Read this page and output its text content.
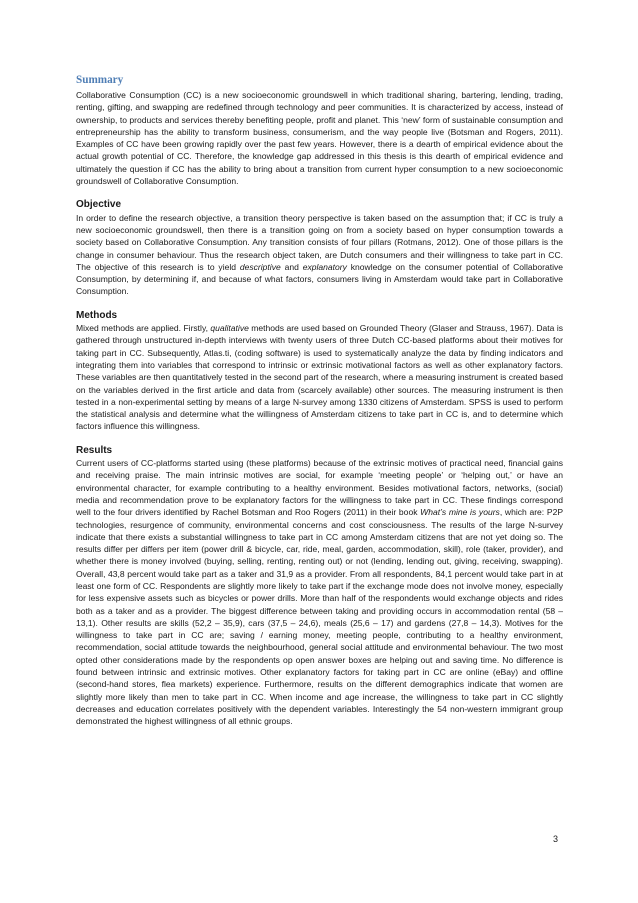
Summary

Collaborative Consumption (CC) is a new socioeconomic groundswell in which traditional sharing, bartering, lending, trading, renting, gifting, and swapping are redefined through technology and peer communities. It is characterized by access, instead of ownership, to products and services thereby benefiting people, profit and planet. This ‘new’ form of sustainable consumption and entrepreneurship has the ability to transform business, consumerism, and the way people live (Botsman and Rogers, 2011). Examples of CC have been growing rapidly over the past few years. However, there is a dearth of empirical evidence about the actual growth potential of CC. Therefore, the knowledge gap addressed in this thesis is this dearth of empirical evidence and ultimately the question if CC has the ability to bring about a transition from current hyper consumption to a new socioeconomic groundswell of Collaborative Consumption.

Objective

In order to define the research objective, a transition theory perspective is taken based on the assumption that; if CC is truly a new socioeconomic groundswell, then there is a transition going on from a society based on hyper consumption towards a society based on Collaborative Consumption. Any transition consists of four pillars (Rotmans, 2012). One of those pillars is the change in consumer behaviour. Thus the research object taken, are Dutch consumers and their willingness to take part in CC. The objective of this research is to yield descriptive and explanatory knowledge on the consumer potential of Collaborative Consumption, by determining if, and because of what factors, consumers living in Amsterdam would take part in Collaborative Consumption.

Methods

Mixed methods are applied. Firstly, qualitative methods are used based on Grounded Theory (Glaser and Strauss, 1967). Data is gathered through unstructured in-depth interviews with twenty users of three Dutch CC-based platforms about their motives for taking part in CC. Subsequently, Atlas.ti, (coding software) is used to systematically analyze the data by finding indicators and integrating them into variables that correspond to intrinsic or extrinsic motivational factors as well as other explanatory factors. These variables are then quantitatively tested in the second part of the research, where a measuring instrument is created based on the variables derived in the first article and data from (scarcely available) other sources. The measuring instrument is then tested in a non-experimental setting by means of a large N-survey among 1330 citizens of Amsterdam. SPSS is used to perform the statistical analysis and determine what the willingness of Amsterdam citizens to take part in CC is, and to determine which factors influence this willingness.

Results

Current users of CC-platforms started using (these platforms) because of the extrinsic motives of practical need, financial gains and receiving praise. The main intrinsic motives are social, for example ‘meeting people’ or ‘helping out,’ or have an environmental character, for example contributing to a healthy environment. Besides motivational factors, networks, (social) media and recommendation prove to be explanatory factors for the willingness to take part in CC. These findings correspond well to the four drivers identified by Rachel Botsman and Roo Rogers (2011) in their book What’s mine is yours, which are: P2P technologies, resurgence of community, environmental concerns and cost consciousness. The results of the large N-survey indicate that there exists a substantial willingness to take part in CC among Amsterdam citizens that are not yet doing so. The results differ per differs per item (power drill & bicycle, car, ride, meal, garden, accommodation, skill), role (taker, provider), and whether there is money involved (buying, selling, renting, renting out) or not (lending, lending out, giving, receiving, swapping). Overall, 43,8 percent would take part as a taker and 31,9 as a provider. From all respondents, 84,1 percent would take part in at least one form of CC. Respondents are slightly more likely to take part if the exchange mode does not involve money, especially for less expensive assets such as bicycles or power drills. More than half of the respondents would exchange objects and rides both as a taker and as a provider. The biggest difference between taking and providing occurs in accommodation rental (58 – 13,1). Other results are skills (52,2 – 35,9), cars (37,5 – 24,6), meals (25,6 – 17) and gardens (27,8 – 14,3). Motives for the willingness to take part in CC are; saving / earning money, meeting people, contributing to a healthy environment, recommendation, social attitude towards the neighbourhood, general social attitude and environmental behaviour. The two most opted other considerations made by the respondents op open answer boxes are helping out and saving time. No difference is found between intrinsic and extrinsic motives. Other explanatory factors for taking part in CC are online (eBay) and offline (second-hand stores, flea markets) experience. Furthermore, results on the different demographics indicate that women are slightly more likely than men to take part in CC. When income and age increase, the willingness to take part in CC slightly decreases and education correlates positively with the dependent variables. Interestingly the 54 non-western immigrant group demonstrated the highest willingness of all ethnic groups.

3
